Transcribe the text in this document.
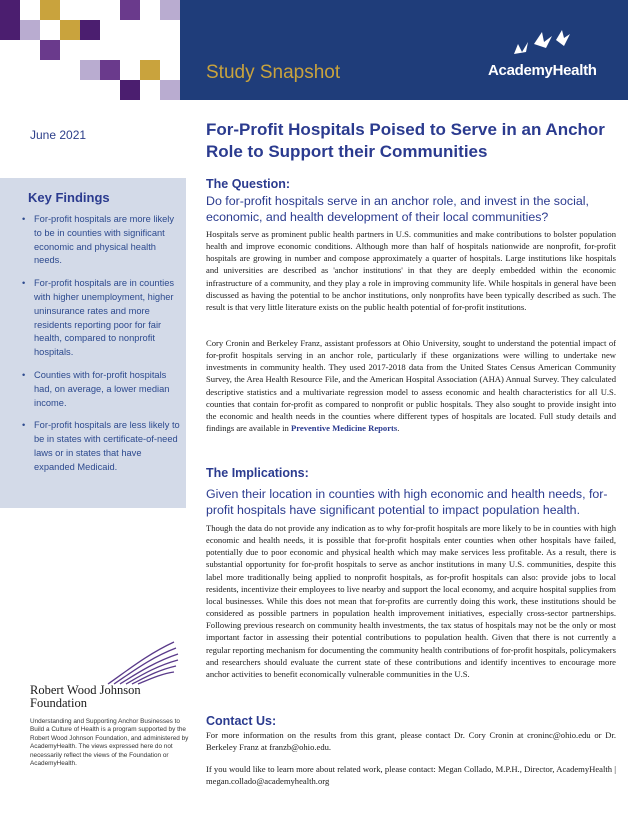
Study Snapshot	AcademyHealth
June 2021
Key Findings
• For-profit hospitals are more likely to be in counties with significant economic and physical health needs.
• For-profit hospitals are in counties with higher unemployment, higher uninsurance rates and more residents reporting poor for fair health, compared to nonprofit hospitals.
• Counties with for-profit hospitals had, on average, a lower median income.
• For-profit hospitals are less likely to be in states with certificate-of-need laws or in states that have expanded Medicaid.
Robert Wood Johnson Foundation
Understanding and Supporting Anchor Businesses to Build a Culture of Health is a program supported by the Robert Wood Johnson Foundation, and administered by AcademyHealth. The views expressed here do not necessarily reflect the views of the Foundation or AcademyHealth.
For-Profit Hospitals Poised to Serve in an Anchor Role to Support their Communities
The Question:
Do for-profit hospitals serve in an anchor role, and invest in the social, economic, and health development of their local communities?
Hospitals serve as prominent public health partners in U.S. communities and make contributions to bolster population health and improve economic conditions. Although more than half of hospitals nationwide are nonprofit, for-profit hospitals are growing in number and compose approximately a quarter of hospitals. Large institutions like hospitals and universities are described as 'anchor institutions' in that they are deeply embedded within the economic infrastructure of a community, and they play a role in improving community life. While hospitals in general have been discussed as having the potential to be anchor institutions, only nonprofits have been typically described as such. The result is that very little literature exists on the public health potential of for-profit institutions.
Cory Cronin and Berkeley Franz, assistant professors at Ohio University, sought to understand the potential impact of for-profit hospitals serving in an anchor role, particularly if these organizations were willing to undertake new investments in community health. They used 2017-2018 data from the United States Census American Community Survey, the Area Health Resource File, and the American Hospital Association (AHA) Annual Survey. They calculated descriptive statistics and a multivariate regression model to assess economic and health characteristics for all U.S. counties that contain for-profit as compared to nonprofit or public hospitals. They also sought to provide insight into the economic and health needs in the counties where different types of hospitals are located. Full study details and findings are available in Preventive Medicine Reports.
The Implications:
Given their location in counties with high economic and health needs, for-profit hospitals have significant potential to impact population health.
Though the data do not provide any indication as to why for-profit hospitals are more likely to be in counties with high economic and health needs, it is possible that for-profit hospitals enter counties when other hospitals have failed, potentially due to poor economic and physical health which may make services less profitable. As a result, there is substantial opportunity for for-profit hospitals to serve as anchor institutions in many U.S. communities, despite this label more traditionally being applied to nonprofit hospitals, as for-profit hospitals can also: provide jobs to local residents, incentivize their employees to live nearby and support the local economy, and acquire hospital supplies from local businesses. While this does not mean that for-profits are currently doing this work, these institutions should be considered as possible partners in population health improvement initiatives, especially cross-sector partnerships. Following previous research on community health investments, the tax status of hospitals may not be the only or most important factor in assessing their potential contributions to population health. Given that there is not currently a regular reporting mechanism for documenting the community health contributions of for-profit hospitals, policymakers and researchers should evaluate the current state of these contributions and identify incentives to encourage more anchor activities to benefit economically vulnerable communities in the U.S.
Contact Us:
For more information on the results from this grant, please contact Dr. Cory Cronin at croninc@ohio.edu or Dr. Berkeley Franz at franzb@ohio.edu.
If you would like to learn more about related work, please contact: Megan Collado, M.P.H., Director, AcademyHealth | megan.collado@academyhealth.org
